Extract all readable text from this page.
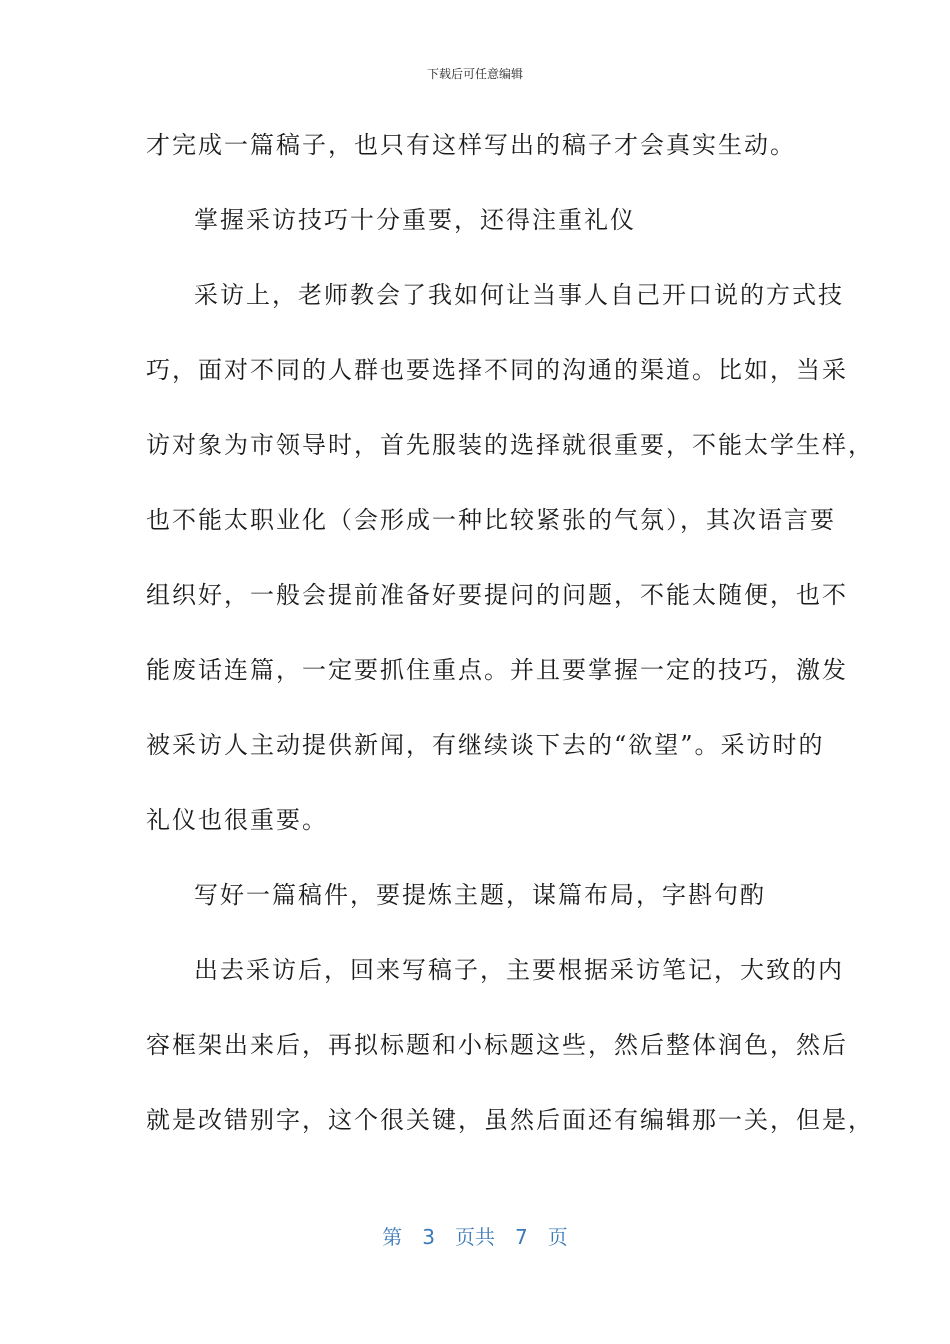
下载后可任意编辑
才完成一篇稿子，也只有这样写出的稿子才会真实生动。
掌握采访技巧十分重要，还得注重礼仪
采访上，老师教会了我如何让当事人自己开口说的方式技
巧，面对不同的人群也要选择不同的沟通的渠道。比如，当采
访对象为市领导时，首先服装的选择就很重要，不能太学生样，
也不能太职业化（会形成一种比较紧张的气氛），其次语言要
组织好，一般会提前准备好要提问的问题，不能太随便，也不
能废话连篇，一定要抓住重点。并且要掌握一定的技巧，激发
被采访人主动提供新闻，有继续谈下去的“欲望”。采访时的
礼仪也很重要。
写好一篇稿件，要提炼主题，谋篇布局，字斟句酌
出去采访后，回来写稿子，主要根据采访笔记，大致的内
容框架出来后，再拟标题和小标题这些，然后整体润色，然后
就是改错别字，这个很关键，虽然后面还有编辑那一关，但是，
第 3 页共 7 页
